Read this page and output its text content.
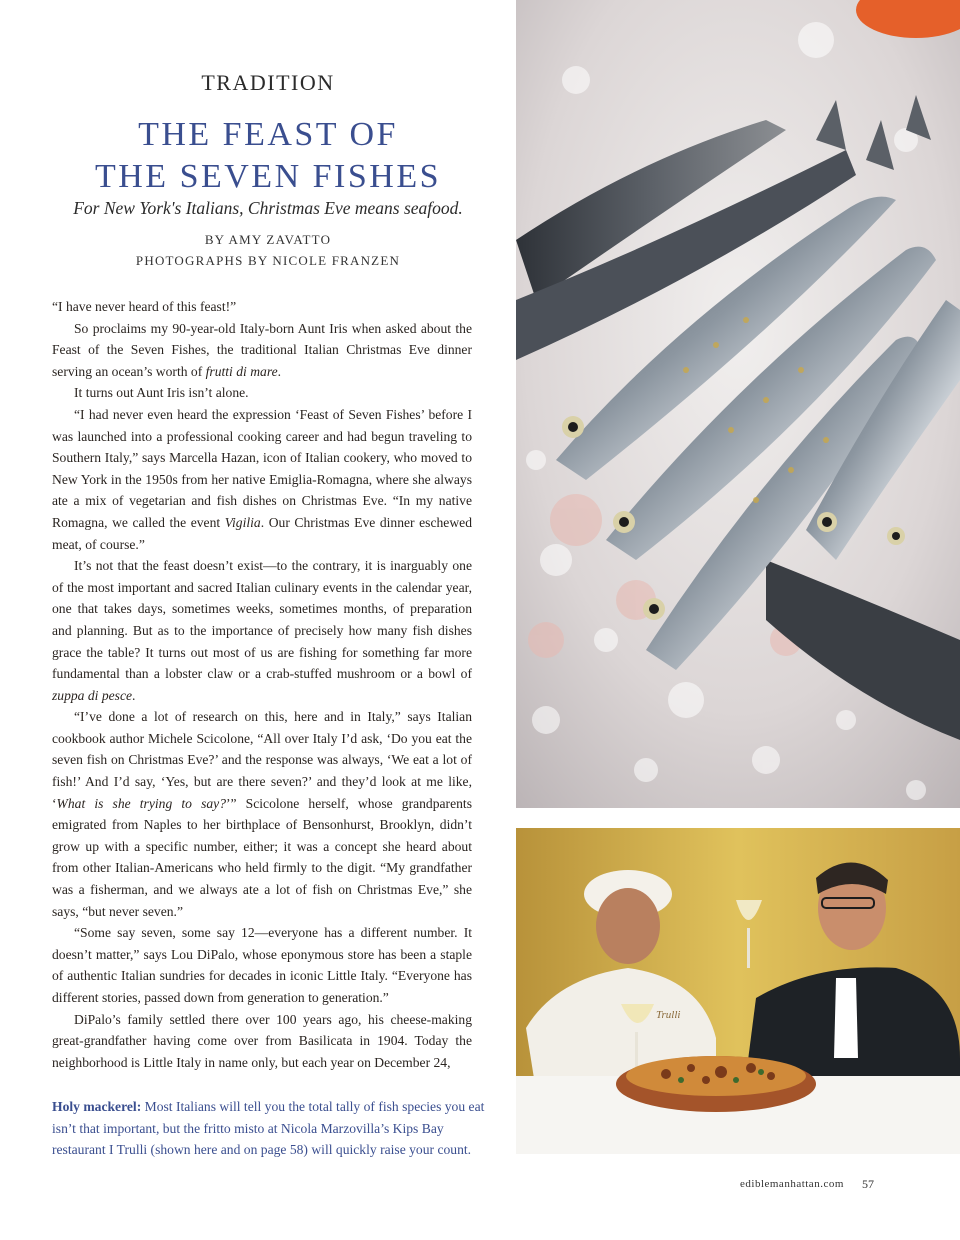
TRADITION
THE FEAST OF
THE SEVEN FISHES
For New York's Italians, Christmas Eve means seafood.
BY AMY ZAVATTO
PHOTOGRAPHS BY NICOLE FRANZEN

“I have never heard of this feast!”

So proclaims my 90-year-old Italy-born Aunt Iris when asked about the Feast of the Seven Fishes, the traditional Italian Christmas Eve dinner serving an ocean’s worth of frutti di mare.

It turns out Aunt Iris isn’t alone.

“I had never even heard the expression ‘Feast of Seven Fishes’ before I was launched into a professional cooking career and had begun traveling to Southern Italy,” says Marcella Hazan, icon of Italian cookery, who moved to New York in the 1950s from her native Emiglia-Romagna, where she always ate a mix of vegetarian and fish dishes on Christmas Eve. “In my native Romagna, we called the event Vigilia. Our Christmas Eve dinner eschewed meat, of course.”

It’s not that the feast doesn’t exist—to the contrary, it is inarguably one of the most important and sacred Italian culinary events in the calendar year, one that takes days, sometimes weeks, sometimes months, of preparation and planning. But as to the importance of precisely how many fish dishes grace the table? It turns out most of us are fishing for something far more fundamental than a lobster claw or a crab-stuffed mushroom or a bowl of zuppa di pesce.

“I’ve done a lot of research on this, here and in Italy,” says Italian cookbook author Michele Scicolone, “All over Italy I’d ask, ‘Do you eat the seven fish on Christmas Eve?’ and the response was always, ‘We eat a lot of fish!’ And I’d say, ‘Yes, but are there seven?’ and they’d look at me like, ‘What is she trying to say?’” Scicolone herself, whose grandparents emigrated from Naples to her birthplace of Bensonhurst, Brooklyn, didn’t grow up with a specific number, either; it was a concept she heard about from other Italian-Americans who held firmly to the digit. “My grandfather was a fisherman, and we always ate a lot of fish on Christmas Eve,” she says, “but never seven.”

“Some say seven, some say 12—everyone has a different number. It doesn’t matter,” says Lou DiPalo, whose eponymous store has been a staple of authentic Italian sundries for decades in iconic Little Italy. “Everyone has different stories, passed down from generation to generation.”

DiPalo’s family settled there over 100 years ago, his cheese-making great-grandfather having come over from Basilicata in 1904. Today the neighborhood is Little Italy in name only, but each year on December 24,

Holy mackerel: Most Italians will tell you the total tally of fish species you eat isn’t that important, but the fritto misto at Nicola Marzovilla’s Kips Bay restaurant I Trulli (shown here and on page 58) will quickly raise your count.
Trulli
ediblemanhattan.com 57
